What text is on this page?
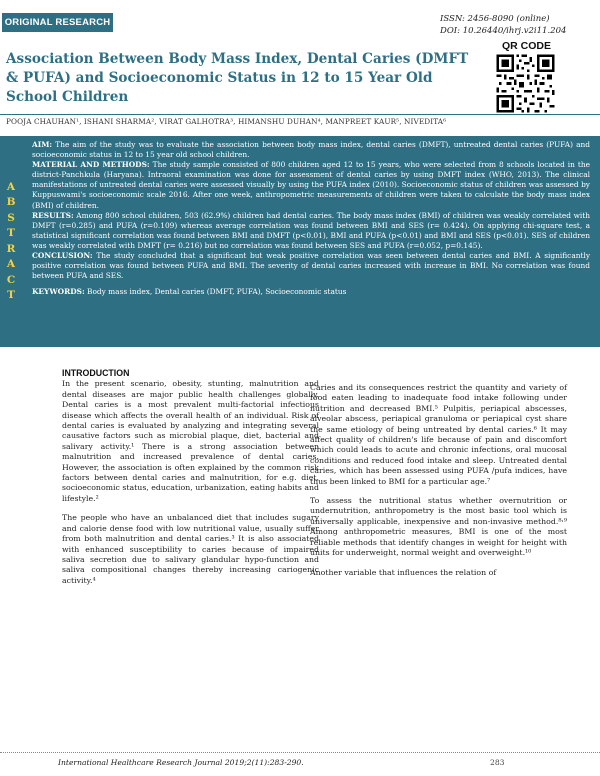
ORIGINAL RESEARCH	ISSN: 2456-8090 (online)
DOI: 10.26440/ihrj.v2i11.204
QR CODE
Association Between Body Mass Index, Dental Caries (DMFT & PUFA) and Socioeconomic Status in 12 to 15 Year Old School Children
POOJA CHAUHAN¹, ISHANI SHARMA², VIRAT GALHOTRA³, HIMANSHU DUHAN⁴, MANPREET KAUR⁵, NIVEDITA⁶
A
B
S
T
R
A
C
T

AIM: The aim of the study was to evaluate the association between body mass index, dental caries (DMFT), untreated dental caries (PUFA) and socioeconomic status in 12 to 15 year old school children.

MATERIAL AND METHODS: The study sample consisted of 800 children aged 12 to 15 years, who were selected from 8 schools located in the district-Panchkula (Haryana). Intraoral examination was done for assessment of dental caries by using DMFT index (WHO, 2013). The clinical manifestations of untreated dental caries were assessed visually by using the PUFA index (2010). Socioeconomic status of children was assessed by Kuppuswami's socioeconomic scale 2016. After one week, anthropometric measurements of children were taken to calculate the body mass index (BMI) of children.

RESULTS: Among 800 school children, 503 (62.9%) children had dental caries. The body mass index (BMI) of children was weakly correlated with DMFT (r=0.285) and PUFA (r=0.109) whereas average correlation was found between BMI and SES (r= 0.424). On applying chi-square test, a statistical significant correlation was found between BMI and DMFT (p<0.01), BMI and PUFA (p<0.01) and BMI and SES (p<0.01). SES of children was weakly correlated with DMFT (r= 0.216) but no correlation was found between SES and PUFA (r=0.052, p=0.145).

CONCLUSION: The study concluded that a significant but weak positive correlation was seen between dental caries and BMI. A significantly positive correlation was found between PUFA and BMI. The severity of dental caries increased with increase in BMI. No correlation was found between PUFA and SES.

KEYWORDS: Body mass index, Dental caries (DMFT, PUFA), Socioeconomic status

INTRODUCTION

In the present scenario, obesity, stunting, malnutrition and dental diseases are major public health challenges globally. Dental caries is a most prevalent multi-factorial infectious disease which affects the overall health of an individual. Risk of dental caries is evaluated by analyzing and integrating several causative factors such as microbial plaque, diet, bacterial and salivary activity.¹ There is a strong association between malnutrition and increased prevalence of dental caries. However, the association is often explained by the common risk factors between dental caries and malnutrition, for e.g. diet, socioeconomic status, education, urbanization, eating habits and lifestyle.²

The people who have an unbalanced diet that includes sugary and calorie dense food with low nutritional value, usually suffer from both malnutrition and dental caries.³ It is also associated with enhanced susceptibility to caries because of impaired saliva secretion due to salivary glandular hypo-function and saliva compositional changes thereby increasing cariogenic activity.⁴

Caries and its consequences restrict the quantity and variety of food eaten leading to inadequate food intake following under nutrition and decreased BMI.⁵ Pulpitis, periapical abscesses, alveolar abscess, periapical granuloma or periapical cyst share the same etiology of being untreated by dental caries.⁶ It may affect quality of children's life because of pain and discomfort which could leads to acute and chronic infections, oral mucosal conditions and reduced food intake and sleep. Untreated dental caries, which has been assessed using PUFA /pufa indices, have thus been linked to BMI for a particular age.⁷

To assess the nutritional status whether overnutrition or undernutrition, anthropometry is the most basic tool which is universally applicable, inexpensive and non-invasive method.⁸˒⁹ Among anthropometric measures, BMI is one of the most reliable methods that identify changes in weight for height with units for underweight, normal weight and overweight.¹⁰

Another variable that influences the relation of

International Healthcare Research Journal 2019;2(11):283-290.	283
